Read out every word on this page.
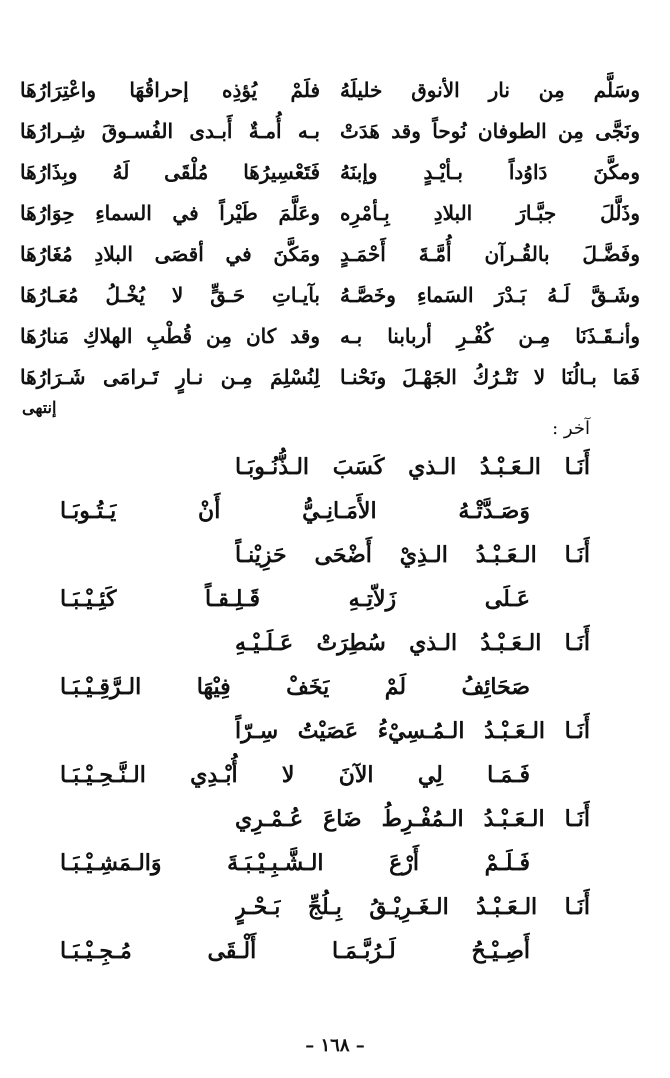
وسَلَّم مِن نار الأنوق خليلَهُ
ونَجَّى مِن الطوفان نُوحاً وقد هَدَتْ
ومكَّنَ دَاوُداً بـأيْـدٍ وإبنَهُ
وذَلَّلَ جبَّـارَ البلادِ بِـأمْرِه
وفَضَّـلَ بالقُـرآن أُمَّـةَ أَحْمَـدٍ
وشَـقَّ لَـهُ بَـدْرَ السَماءِ وخَصَّـهُ
وأنـقَـذَنَا مِـن كُفْـرِ أربابنا بـه
فَمَا بـالُنَا لا نَتْـرُكُ الجَهْـلَ ونَحْنـا
فلَمْ يُؤذِه إحراقُهَا واعْتِرَارُهَا
بـه أُمـةٌ أَبـدى الفُسـوقَ شِـرارُهَا
فَتَعْسِيرُهَا مُلْقَى لَهُ وبِذَارُهَا
وعَلَّمَ طَيْراً في السماءِ حِوَارُهَا
ومَكَّنَ في أقصَى البلادِ مُغَارُهَا
بآيـاتِ حَـقٍّ لا يُخْـلُ مُعَـارُهَا
وقد كان مِن قُطْبِ الهلاكِ مَنارُهَا
لِنُسْلِمَ مِـن نـارٍ تَـرامَى شَـرَارُهَا
إنتهى
آخر :
أَنَـا الـعَـبْـدُ الـذي كَسَبَ الـذُّنُـوبَـا
وَصَـدَّتْـهُ الأَمَـانِـيُّ أَنْ يَـتُـوبَـا
أَنَـا الـعَـبْـدُ الـذِيْ أَضْحَى حَزِيْنـاً
عَـلَى زَلاّتِـهِ قَـلِـقـاً كَئِـيْـبَـا
أَنَـا الـعَـبْـدُ الـذي سُطِرَتْ عَـلَـيْـهِ
صَحَائِفُ لَمْ يَخَفْ فِيْهَا الـرَّقِـيْـبَـا
أَنَـا الـعَـبْـدُ الـمُـسِيْءُ عَصَيْتُ سِـرّاً
فَـمَـا لِي الآنَ لا أُبْـدِي الـنَّـحِـيْـبَـا
أَنَـا الـعَـبْـدُ الـمُفْـرِطُ ضَاعَ عُـمْـرِي
فَـلَـمْ أَرْعَ الـشَّـبِـيْـبَـةَ وَالـمَشِـيْـبَـا
أَنَـا الـعَـبْـدُ الـغَـرِيْـقُ بِـلُجِّ بَـحْـرٍ
أَصِـيْـحُ لَـرُبَّـمَـا أَلْـقَى مُـجِـيْـبَـا
– ١٦٨ –
